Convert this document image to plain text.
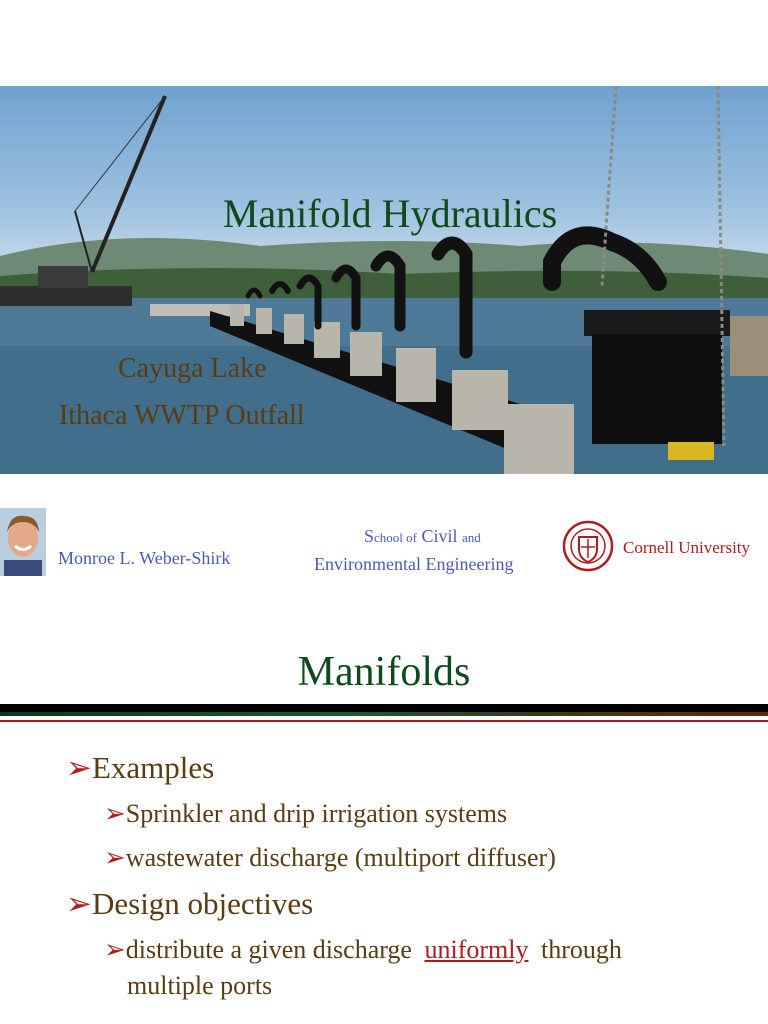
Manifold Hydraulics
Cayuga Lake
Ithaca WWTP Outfall
Monroe L. Weber-Shirk
School of Civil and
Environmental Engineering
Cornell University
Manifolds
➢Examples
➢Sprinkler and drip irrigation systems
➢wastewater discharge (multiport diffuser)
➢Design objectives
➢distribute a given discharge uniformly through
multiple ports
